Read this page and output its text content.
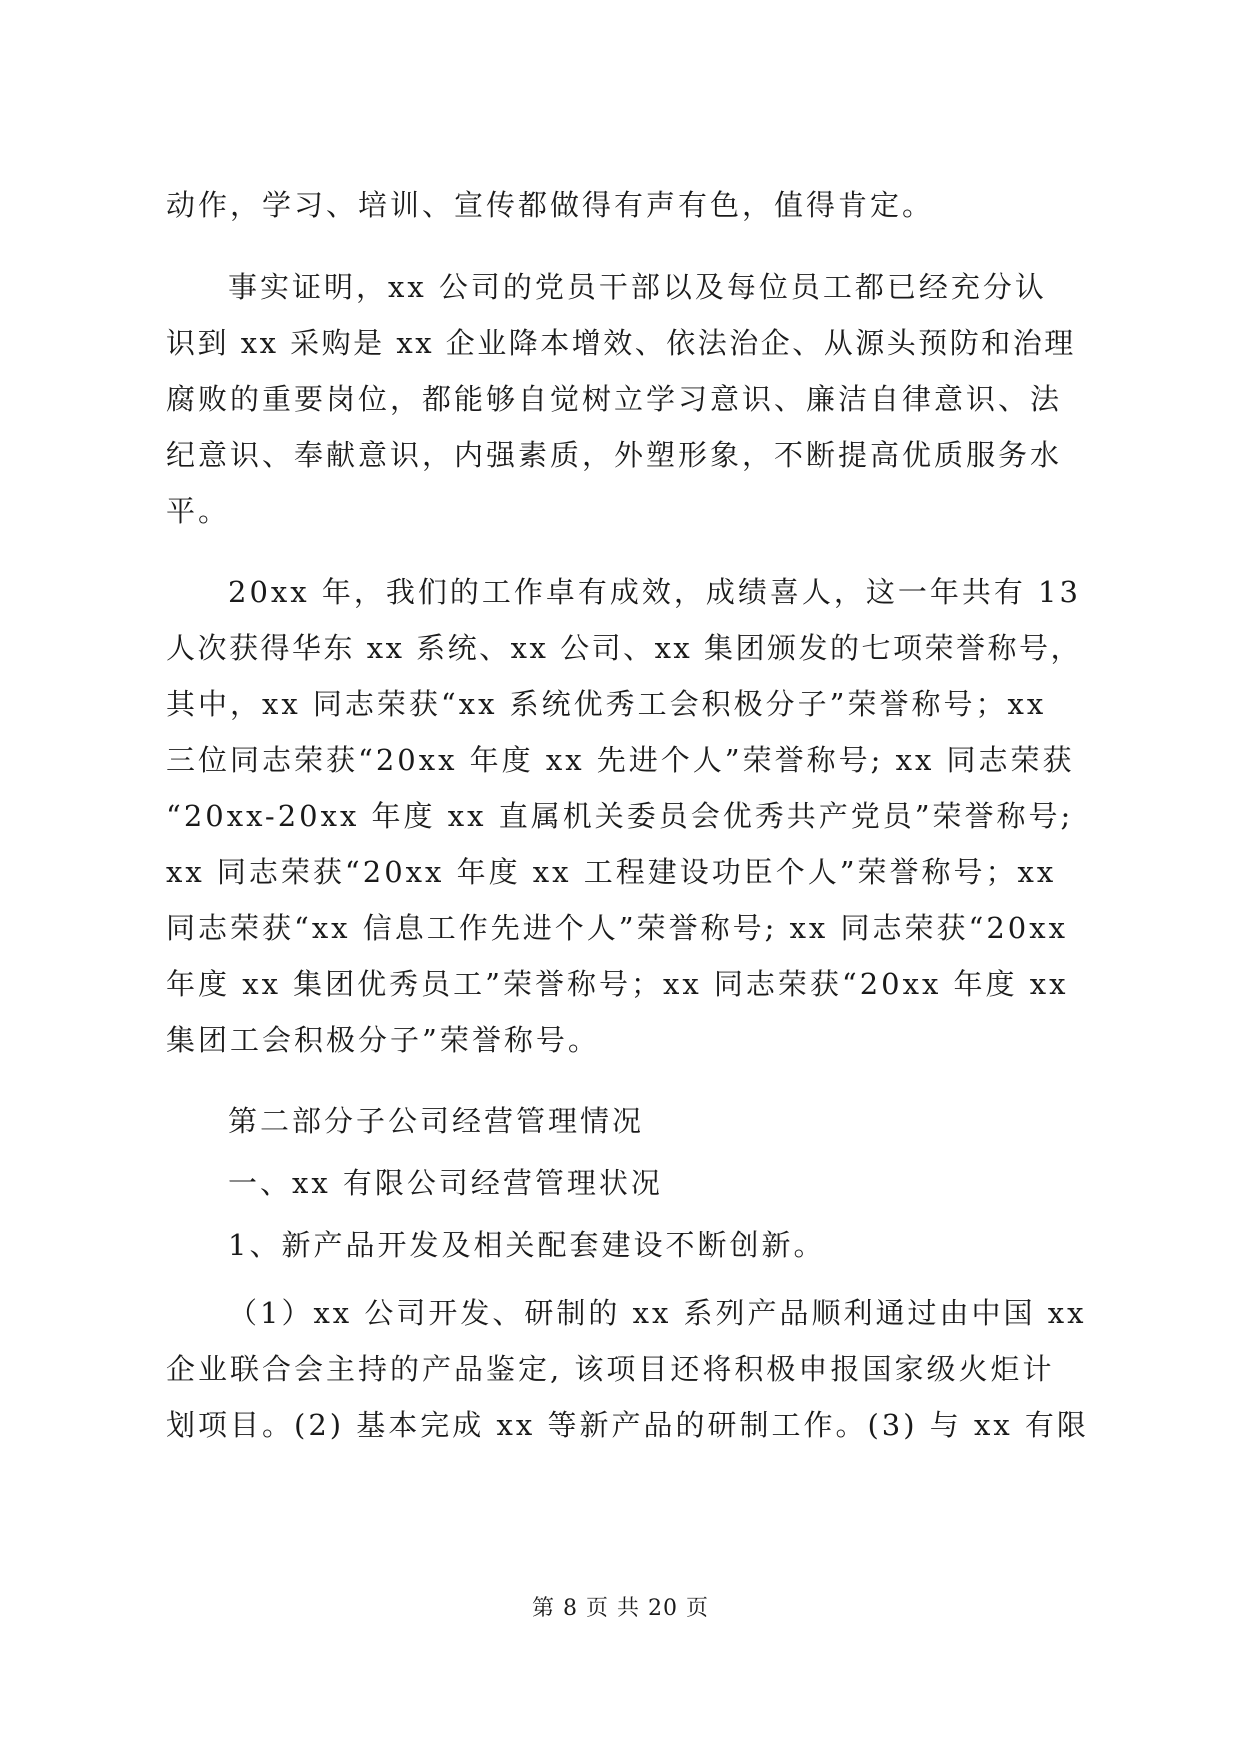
动作，学习、培训、宣传都做得有声有色，值得肯定。
事实证明，xx 公司的党员干部以及每位员工都已经充分认
识到 xx 采购是 xx 企业降本增效、依法治企、从源头预防和治理
腐败的重要岗位，都能够自觉树立学习意识、廉洁自律意识、法
纪意识、奉献意识，内强素质，外塑形象，不断提高优质服务水
平。
20xx 年，我们的工作卓有成效，成绩喜人，这一年共有 13
人次获得华东 xx 系统、xx 公司、xx 集团颁发的七项荣誉称号，
其中，xx 同志荣获“xx 系统优秀工会积极分子”荣誉称号；xx
三位同志荣获“20xx 年度 xx 先进个人”荣誉称号; xx 同志荣获
“20xx-20xx 年度 xx 直属机关委员会优秀共产党员”荣誉称号;
xx 同志荣获“20xx 年度 xx 工程建设功臣个人”荣誉称号；xx
同志荣获“xx 信息工作先进个人”荣誉称号; xx 同志荣获“20xx
年度 xx 集团优秀员工”荣誉称号；xx 同志荣获“20xx 年度 xx
集团工会积极分子”荣誉称号。
第二部分子公司经营管理情况
一、xx 有限公司经营管理状况
1、新产品开发及相关配套建设不断创新。
（1）xx 公司开发、研制的 xx 系列产品顺利通过由中国 xx
企业联合会主持的产品鉴定, 该项目还将积极申报国家级火炬计
划项目。(2) 基本完成 xx 等新产品的研制工作。(3) 与 xx 有限
第 8 页 共 20 页
